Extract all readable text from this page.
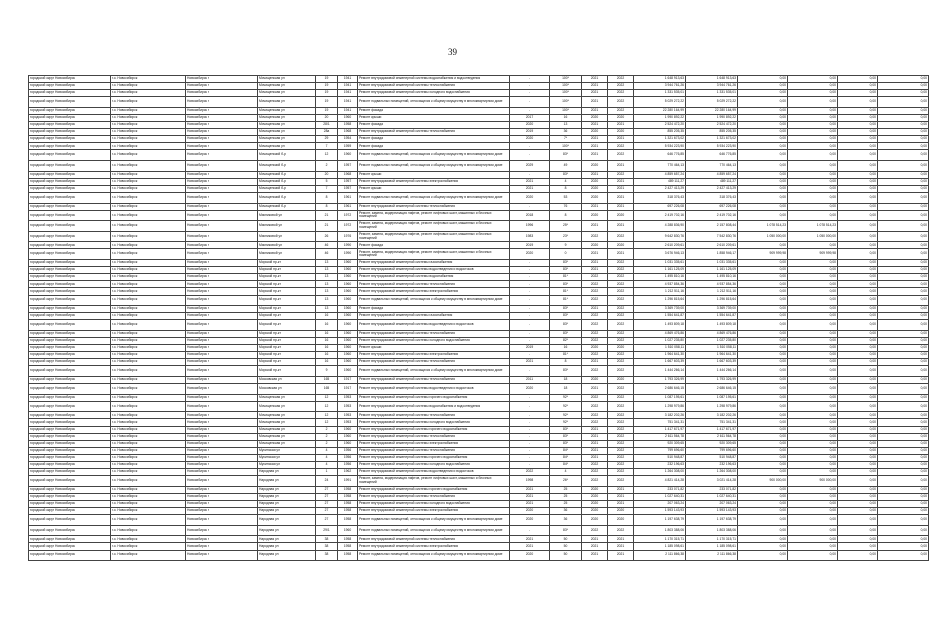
39
городской округ Новосибирск	г.о. Новосибирск	Новосибирск г	Мочищенская ул	19	1941	Ремонт внутридомовой инженерной системы водоснабжения и водоотведения	-	100*	2021	2022	1 648 913,63	1 648 913,63	0,00	0,00	0,00	0,00
городской округ Новосибирск	г.о. Новосибирск	Новосибирск г	Мочищенская ул	19	1941	Ремонт внутридомовой инженерной системы теплоснабжения	-	100*	2021	2022	3 944 761,26	3 944 761,26	0,00	0,00	0,00	0,00
городской округ Новосибирск	г.о. Новосибирск	Новосибирск г	Мочищенская ул	19	1941	Ремонт внутридомовой инженерной системы холодного водоснабжения	-	100*	2021	2022	1 331 535,01	1 331 535,01	0,00	0,00	0,00	0,00
городской округ Новосибирск	г.о. Новосибирск	Новосибирск г	Мочищенская ул	19	1941	Ремонт подвальных помещений, относящихся к общему имуществу в многоквартирном доме	-	100*	2021	2022	5 029 272,22	5 029 272,22	0,00	0,00	0,00	0,00
городской округ Новосибирск	г.о. Новосибирск	Новосибирск г	Мочищенская ул	19	1941	Ремонт фасада	-	100*	2021	2022	22 280 164,99	22 280 164,99	0,00	0,00	0,00	0,00
городской округ Новосибирск	г.о. Новосибирск	Новосибирск г	Мочищенская ул	20	1960	Ремонт крыши	2017	16	2020	2020	1 990 892,22	1 990 892,22	0,00	0,00	0,00	0,00
городской округ Новосибирск	г.о. Новосибирск	Новосибирск г	Мочищенская ул	28/1	1958	Ремонт фасада	2020	13	2021	2021	2 524 472,20	2 524 472,20	0,00	0,00	0,00	0,00
городской округ Новосибирск	г.о. Новосибирск	Новосибирск г	Мочищенская ул	28а	1968	Ремонт внутридомовой инженерной системы теплоснабжения	2019	36	2020	2020	855 205,35	855 205,35	0,00	0,00	0,00	0,00
городской округ Новосибирск	г.о. Новосибирск	Новосибирск г	Мочищенская ул	29	1954	Ремонт фасада	2020	7*	2021	2021	1 321 673,02	1 321 673,02	0,00	0,00	0,00	0,00
городской округ Новосибирск	г.о. Новосибирск	Новосибирск г	Мочищенская ул	7	1959	Ремонт фасада	-	100*	2021	2022	5 934 223,90	5 934 223,90	0,00	0,00	0,00	0,00
городской округ Новосибирск	г.о. Новосибирск	Новосибирск г	Мочищенский б-р	12	1960	Ремонт подвальных помещений, относящихся к общему имуществу в многоквартирном доме	-	83*	2021	2022	646 776,85	646 776,85	0,00	0,00	0,00	0,00
городской округ Новосибирск	г.о. Новосибирск	Новосибирск г	Мочищенский б-р	2	1957	Ремонт подвальных помещений, относящихся к общему имуществу в многоквартирном доме	2029	49	2020	2021	770 464,13	770 464,13	0,00	0,00	0,00	0,00
городской округ Новосибирск	г.о. Новосибирск	Новосибирск г	Мочищенский б-р	20	1968	Ремонт крыши	-	83*	2021	2022	4 859 657,24	4 859 657,24	0,00	0,00	0,00	0,00
городской округ Новосибирск	г.о. Новосибирск	Новосибирск г	Мочищенский б-р	5	1957	Ремонт внутридомовой инженерной системы электроснабжения	2021	4	2020	2021	489 111,27	489 111,27	0,00	0,00	0,00	0,00
городской округ Новосибирск	г.о. Новосибирск	Новосибирск г	Мочищенский б-р	7	1957	Ремонт крыши	2021	8	2020	2021	2 427 413,29	2 427 413,29	0,00	0,00	0,00	0,00
городской округ Новосибирск	г.о. Новосибирск	Новосибирск г	Мочищенский б-р	8	1961	Ремонт подвальных помещений, относящихся к общему имуществу в многоквартирном доме	2020	53	2020	2021	318 376,43	318 376,43	0,00	0,00	0,00	0,00
городской округ Новосибирск	г.о. Новосибирск	Новосибирск г	Мочищенский б-р	8	1961	Ремонт внутридомовой инженерной системы теплоснабжения	-	76	2021	2021	697 226,08	697 226,08	0,00	0,00	0,00	0,00
городской округ Новосибирск	г.о. Новосибирск	Новосибирск г	Мясниковой ул	21	1972	Ремонт, замена, модернизация лифтов, ремонт лифтовых шахт, машинных и блочных помещений	2018	8	2020	2020	2 419 702,16	2 419 702,16	0,00	0,00	0,00	0,00
городской округ Новосибирск	г.о. Новосибирск	Новосибирск г	Мясниковой ул	21	1972	Ремонт, замена, модернизация лифтов, ремонт лифтовых шахт, машинных и блочных помещений	1996	25*	2021	2021	4 288 836,90	2 157 808,44	1 078 514,23	1 078 514,23	0,00	0,00
городской округ Новосибирск	г.о. Новосибирск	Новосибирск г	Мясниковой ул	26	1976	Ремонт, замена, модернизация лифтов, ремонт лифтовых шахт, машинных и блочных помещений	1983	23*	2022	2022	9 642 830,76	7 542 830,76	1 050 000,00	1 050 000,00	0,00	0,00
городской округ Новосибирск	г.о. Новосибирск	Новосибирск г	Мясниковой ул	46	1990	Ремонт фасада	2019	9	2020	2020	2 610 209,61	2 610 209,61	0,00	0,00	0,00	0,00
городской округ Новосибирск	г.о. Новосибирск	Новосибирск г	Мясниковой ул	46	1990	Ремонт, замена, модернизация лифтов, ремонт лифтовых шахт, машинных и блочных помещений	2020	0	2021	2021	3 676 946,13	1 858 946,17	909 999,98	909 999,98	0,00	0,00
городской округ Новосибирск	г.о. Новосибирск	Новосибирск г	Морской пр-кт	13	1960	Ремонт внутридомовой инженерной системы газоснабжения	-	83*	2021	2022	1 031 335,61	1 031 335,61	0,00	0,00	0,00	0,00
городской округ Новосибирск	г.о. Новосибирск	Новосибирск г	Морской пр-кт	13	1960	Ремонт внутридомовой инженерной системы водоотведения и водостоков	-	83*	2021	2022	1 161 125,09	1 161 125,09	0,00	0,00	0,00	0,00
городской округ Новосибирск	г.о. Новосибирск	Новосибирск г	Морской пр-кт	13	1960	Ремонт внутридомовой инженерной системы водоснабжения	-	81*	2022	2022	1 495 810,16	1 495 810,16	0,00	0,00	0,00	0,00
городской округ Новосибирск	г.о. Новосибирск	Новосибирск г	Морской пр-кт	13	1960	Ремонт внутридомовой инженерной системы теплоснабжения	-	83*	2022	2022	4 937 854,36	4 937 854,36	0,00	0,00	0,00	0,00
городской округ Новосибирск	г.о. Новосибирск	Новосибирск г	Морской пр-кт	13	1960	Ремонт внутридомовой инженерной системы электроснабжения	-	81*	2022	2022	1 212 511,16	1 212 511,16	0,00	0,00	0,00	0,00
городской округ Новосибирск	г.о. Новосибирск	Новосибирск г	Морской пр-кт	13	1960	Ремонт подвальных помещений, относящихся к общему имуществу в многоквартирном доме	-	81*	2022	2022	1 296 815,64	1 296 815,64	0,00	0,00	0,00	0,00
городской округ Новосибирск	г.о. Новосибирск	Новосибирск г	Морской пр-кт	13	1960	Ремонт фасада	-	83*	2021	2022	3 369 739,00	3 369 739,00	0,00	0,00	0,00	0,00
городской округ Новосибирск	г.о. Новосибирск	Новосибирск г	Морской пр-кт	16	1960	Ремонт внутридомовой инженерной системы газоснабжения	-	83*	2022	2022	1 554 641,87	1 554 641,87	0,00	0,00	0,00	0,00
городской округ Новосибирск	г.о. Новосибирск	Новосибирск г	Морской пр-кт	16	1960	Ремонт внутридомовой инженерной системы водоотведения и водостоков	-	83*	2022	2022	1 493 809,18	1 493 809,18	0,00	0,00	0,00	0,00
городской округ Новосибирск	г.о. Новосибирск	Новосибирск г	Морской пр-кт	16	1960	Ремонт внутридомовой инженерной системы теплоснабжения	-	83*	2022	2022	4 869 476,86	4 869 476,86	0,00	0,00	0,00	0,00
городской округ Новосибирск	г.о. Новосибирск	Новосибирск г	Морской пр-кт	16	1960	Ремонт внутридомовой инженерной системы холодного водоснабжения	-	82*	2022	2022	1 027 235,80	1 027 235,80	0,00	0,00	0,00	0,00
городской округ Новосибирск	г.о. Новосибирск	Новосибирск г	Морской пр-кт	16	1960	Ремонт крыши	2019	16	2020	2020	1 510 058,11	1 510 058,11	0,00	0,00	0,00	0,00
городской округ Новосибирск	г.о. Новосибирск	Новосибирск г	Морской пр-кт	16	1960	Ремонт внутридомовой инженерной системы электроснабжения	-	81*	2022	2022	1 964 641,30	1 964 641,30	0,00	0,00	0,00	0,00
городской округ Новосибирск	г.о. Новосибирск	Новосибирск г	Морской пр-кт	16	1960	Ремонт внутридомовой инженерной системы теплоснабжения	2021	8	2021	2022	1 667 603,39	1 667 603,39	0,00	0,00	0,00	0,00
городской округ Новосибирск	г.о. Новосибирск	Новосибирск г	Морской пр-кт	9	1960	Ремонт подвальных помещений, относящихся к общему имуществу в многоквартирном доме	-	83*	2022	2022	1 444 266,14	1 444 266,14	0,00	0,00	0,00	0,00
городской округ Новосибирск	г.о. Новосибирск	Новосибирск г	Московская ул	165	1917	Ремонт внутридомовой инженерной системы теплоснабжения	2011	18	2020	2020	1 793 326,99	1 793 326,99	0,00	0,00	0,00	0,00
городской округ Новосибирск	г.о. Новосибирск	Новосибирск г	Московская ул	165	1917	Ремонт внутридомовой инженерной системы водоотведения и водостоков	2020	18	2021	2022	2 686 646,15	2 686 646,15	0,00	0,00	0,00	0,00
городской округ Новосибирск	г.о. Новосибирск	Новосибирск г	Мочищенская ул	12	1953	Ремонт внутридомовой инженерной системы горячего водоснабжения	-	92*	2022	2022	1 087 195,61	1 087 195,61	0,00	0,00	0,00	0,00
городской округ Новосибирск	г.о. Новосибирск	Новосибирск г	Мочищенская ул	12	1953	Ремонт внутридомовой инженерной системы водоснабжения и водоотведения	-	92*	2022	2022	1 298 979,86	1 298 979,86	0,00	0,00	0,00	0,00
городской округ Новосибирск	г.о. Новосибирск	Новосибирск г	Мочищенская ул	12	1953	Ремонт внутридомовой инженерной системы теплоснабжения	-	92*	2022	2022	3 182 202,26	3 182 202,26	0,00	0,00	0,00	0,00
городской округ Новосибирск	г.о. Новосибирск	Новосибирск г	Мочищенская ул	12	1953	Ремонт внутридомовой инженерной системы холодного водоснабжения	-	92*	2022	2022	751 341,31	751 341,31	0,00	0,00	0,00	0,00
городской округ Новосибирск	г.о. Новосибирск	Новосибирск г	Мочищенская ул	2	1960	Ремонт внутридомовой инженерной системы горячего водоснабжения	-	83*	2021	2022	1 417 671,97	1 417 671,97	0,00	0,00	0,00	0,00
городской округ Новосибирск	г.о. Новосибирск	Новосибирск г	Мочищенская ул	2	1960	Ремонт внутридомовой инженерной системы теплоснабжения	-	83*	2021	2022	2 611 564,78	2 611 564,78	0,00	0,00	0,00	0,00
городской округ Новосибирск	г.о. Новосибирск	Новосибирск г	Мочищенская ул	2	1960	Ремонт внутридомовой инженерной системы электроснабжения	-	83*	2021	2022	920 309,65	920 309,65	0,00	0,00	0,00	0,00
городской округ Новосибирск	г.о. Новосибирск	Новосибирск г	Мусинская ул	4	1956	Ремонт внутридомовой инженерной системы теплоснабжения	-	84*	2021	2022	799 696,60	799 696,60	0,00	0,00	0,00	0,00
городской округ Новосибирск	г.о. Новосибирск	Новосибирск г	Мусинская ул	4	1956	Ремонт внутридомовой инженерной системы горячего водоснабжения	-	84*	2021	2022	510 948,87	510 948,87	0,00	0,00	0,00	0,00
городской округ Новосибирск	г.о. Новосибирск	Новосибирск г	Мусинская ул	4	1956	Ремонт внутридомовой инженерной системы холодного водоснабжения	-	84*	2022	2022	232 196,63	232 196,63	0,00	0,00	0,00	0,00
городской округ Новосибирск	г.о. Новосибирск	Новосибирск г	Народная ул	1	1962	Ремонт внутридомовой инженерной системы водоотведения и водостоков	2022	4	2022	2022	1 264 308,00	1 264 308,00	0,00	0,00	0,00	0,00
городской округ Новосибирск	г.о. Новосибирск	Новосибирск г	Народная ул	24	1991	Ремонт, замена, модернизация лифтов, ремонт лифтовых шахт, машинных и блочных помещений	1998	26*	2022	2022	4 821 414,28	3 021 414,28	900 000,00	900 000,00	0,00	0,00
городской округ Новосибирск	г.о. Новосибирск	Новосибирск г	Народная ул	27	1958	Ремонт внутридомовой инженерной системы горячего водоснабжения	2021	25	2020	2021	233 071,82	233 071,82	0,00	0,00	0,00	0,00
городской округ Новосибирск	г.о. Новосибирск	Новосибирск г	Народная ул	27	1958	Ремонт внутридомовой инженерной системы теплоснабжения	2021	25	2020	2021	1 027 640,31	1 027 640,31	0,00	0,00	0,00	0,00
городской округ Новосибирск	г.о. Новосибирск	Новосибирск г	Народная ул	27	1958	Ремонт внутридомовой инженерной системы холодного водоснабжения	2021	25	2020	2021	207 063,24	207 063,24	0,00	0,00	0,00	0,00
городской округ Новосибирск	г.о. Новосибирск	Новосибирск г	Народная ул	27	1958	Ремонт внутридомовой инженерной системы электроснабжения	2020	36	2020	2020	1 593 143,93	1 593 143,93	0,00	0,00	0,00	0,00
городской округ Новосибирск	г.о. Новосибирск	Новосибирск г	Народная ул	27	1958	Ремонт подвальных помещений, относящихся к общему имуществу в многоквартирном доме	2020	36	2020	2020	1 197 638,79	1 197 638,79	0,00	0,00	0,00	0,00
городской округ Новосибирск	г.о. Новосибирск	Новосибирск г	Народная ул	29/1	1960	Ремонт подвальных помещений, относящихся к общему имуществу в многоквартирном доме	-	83*	2022	2022	1 803 388,06	1 803 388,06	0,00	0,00	0,00	0,00
городской округ Новосибирск	г.о. Новосибирск	Новосибирск г	Народная ул	38	1958	Ремонт внутридомовой инженерной системы теплоснабжения	2021	50	2021	2021	1 170 315,71	1 170 315,71	0,00	0,00	0,00	0,00
городской округ Новосибирск	г.о. Новосибирск	Новосибирск г	Народная ул	38	1958	Ремонт внутридомовой инженерной системы электроснабжения	2021	50	2021	2021	1 185 098,61	1 185 098,61	0,00	0,00	0,00	0,00
городской округ Новосибирск	г.о. Новосибирск	Новосибирск г	Народная ул	38	1958	Ремонт подвальных помещений, относящихся к общему имуществу в многоквартирном доме	2020	50	2021	2021	2 111 866,38	2 111 866,38	0,00	0,00	0,00	0,00
